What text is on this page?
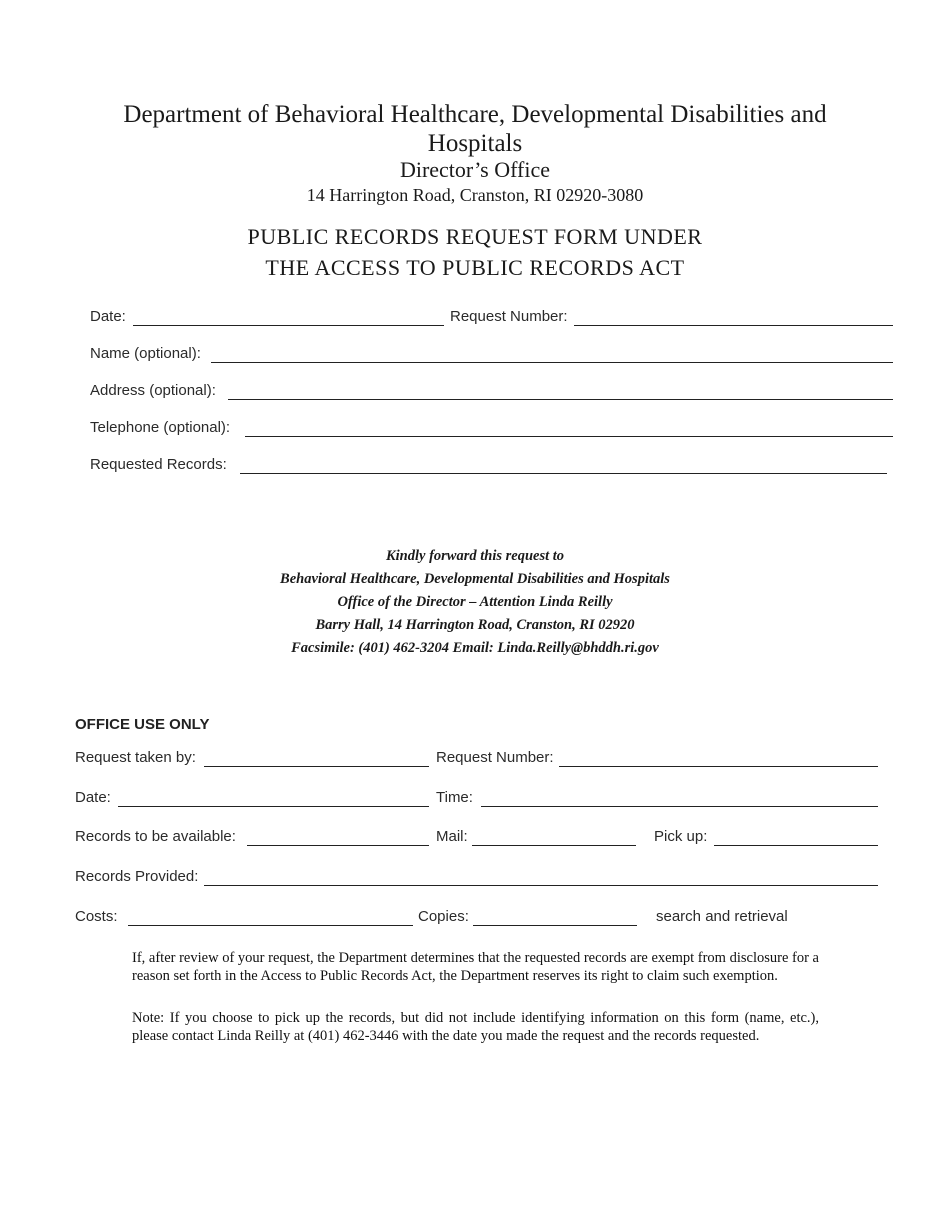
Department of Behavioral Healthcare, Developmental Disabilities and
Hospitals
Director’s Office
14 Harrington Road, Cranston, RI 02920-3080
PUBLIC RECORDS REQUEST FORM UNDER
THE ACCESS TO PUBLIC RECORDS ACT
Date:	Request Number:
Name (optional):
Address (optional):
Telephone (optional):
Requested Records:
Kindly forward this request to
Behavioral Healthcare, Developmental Disabilities and Hospitals
Office of the Director – Attention Linda Reilly
Barry Hall, 14 Harrington Road, Cranston, RI 02920
Facsimile: (401) 462-3204 Email: Linda.Reilly@bhddh.ri.gov
OFFICE USE ONLY
Request taken by:	Request Number:
Date:	Time:
Records to be available:	Mail:	Pick up:
Records Provided:
Costs:	Copies:	search and retrieval
If, after review of your request, the Department determines that the requested records are exempt from disclosure for a reason set forth in the Access to Public Records Act, the Department reserves its right to claim such exemption.
Note: If you choose to pick up the records, but did not include identifying information on this form (name, etc.), please contact Linda Reilly at (401) 462-3446 with the date you made the request and the records requested.
